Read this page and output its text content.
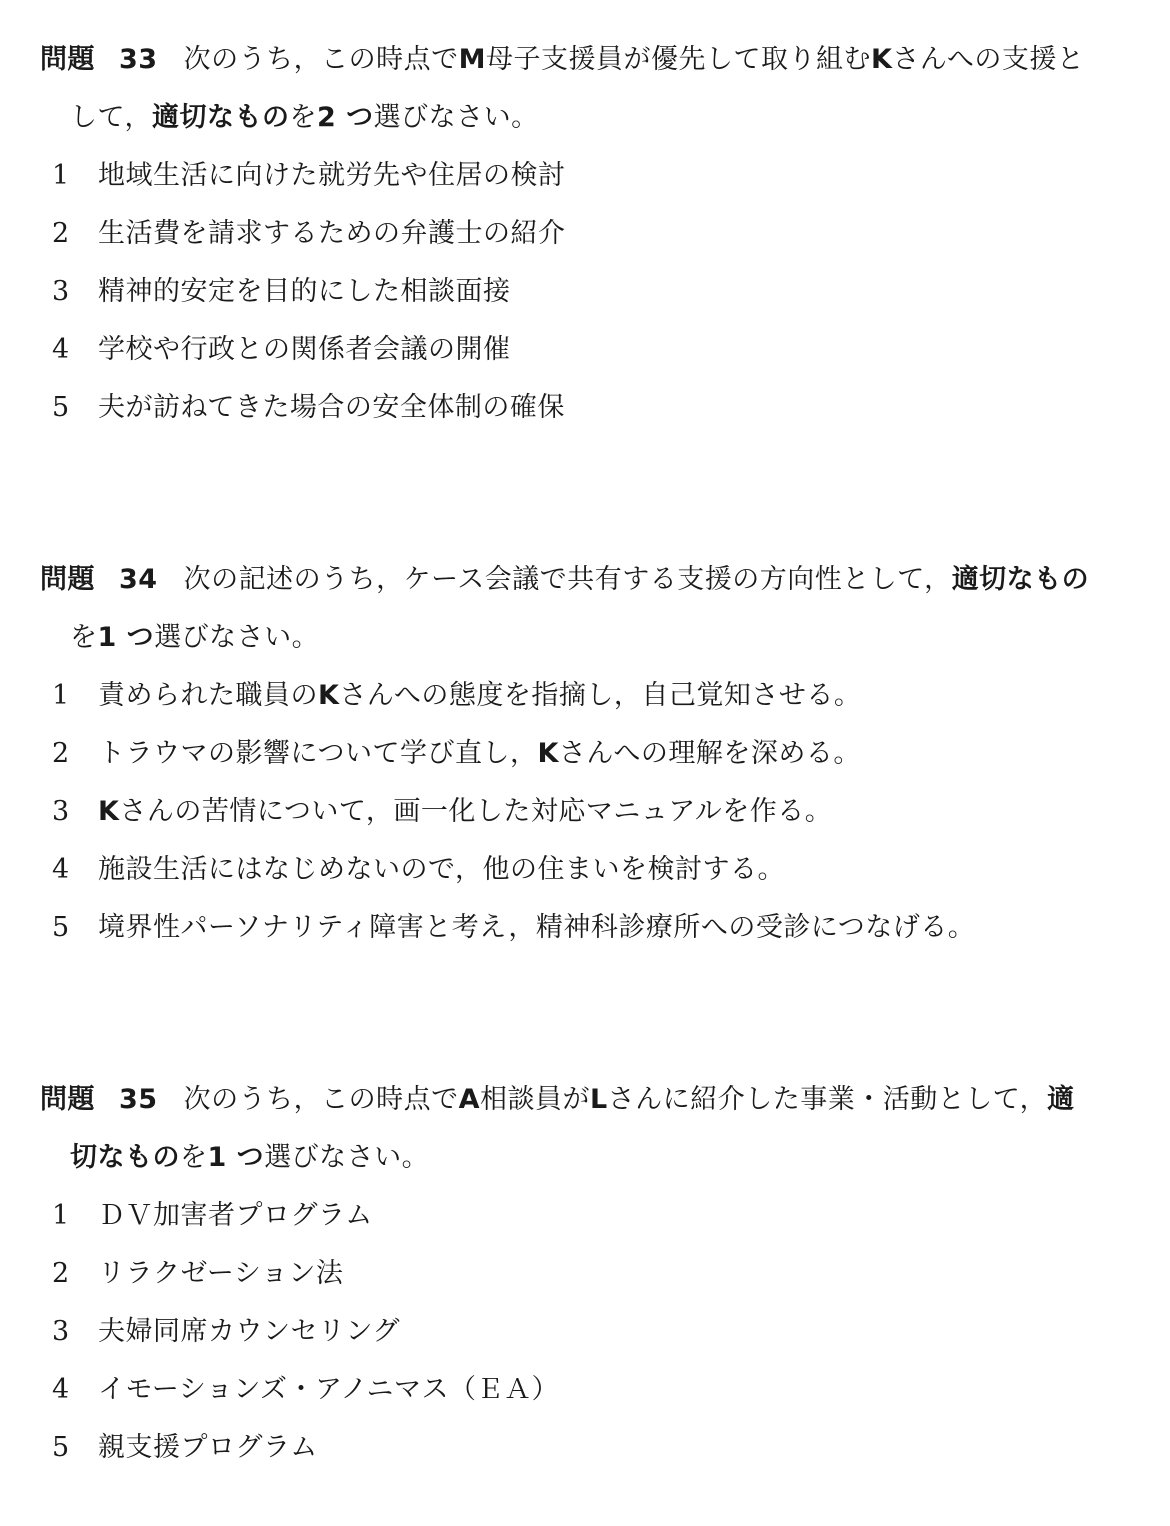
問題 33 次のうち，この時点でM母子支援員が優先して取り組むKさんへの支援と
して，適切なものを2 つ選びなさい。
1 地域生活に向けた就労先や住居の検討
2 生活費を請求するための弁護士の紹介
3 精神的安定を目的にした相談面接
4 学校や行政との関係者会議の開催
5 夫が訪ねてきた場合の安全体制の確保
問題 34 次の記述のうち，ケース会議で共有する支援の方向性として，適切なもの
を1 つ選びなさい。
1 責められた職員のKさんへの態度を指摘し，自己覚知させる。
2 トラウマの影響について学び直し，Kさんへの理解を深める。
3 Kさんの苦情について，画一化した対応マニュアルを作る。
4 施設生活にはなじめないので，他の住まいを検討する。
5 境界性パーソナリティ障害と考え，精神科診療所への受診につなげる。
問題 35 次のうち，この時点でA相談員がLさんに紹介した事業・活動として，適
切なものを1 つ選びなさい。
1 ＤＶ加害者プログラム
2 リラクゼーション法
3 夫婦同席カウンセリング
4 イモーションズ・アノニマス（ＥＡ）
5 親支援プログラム
